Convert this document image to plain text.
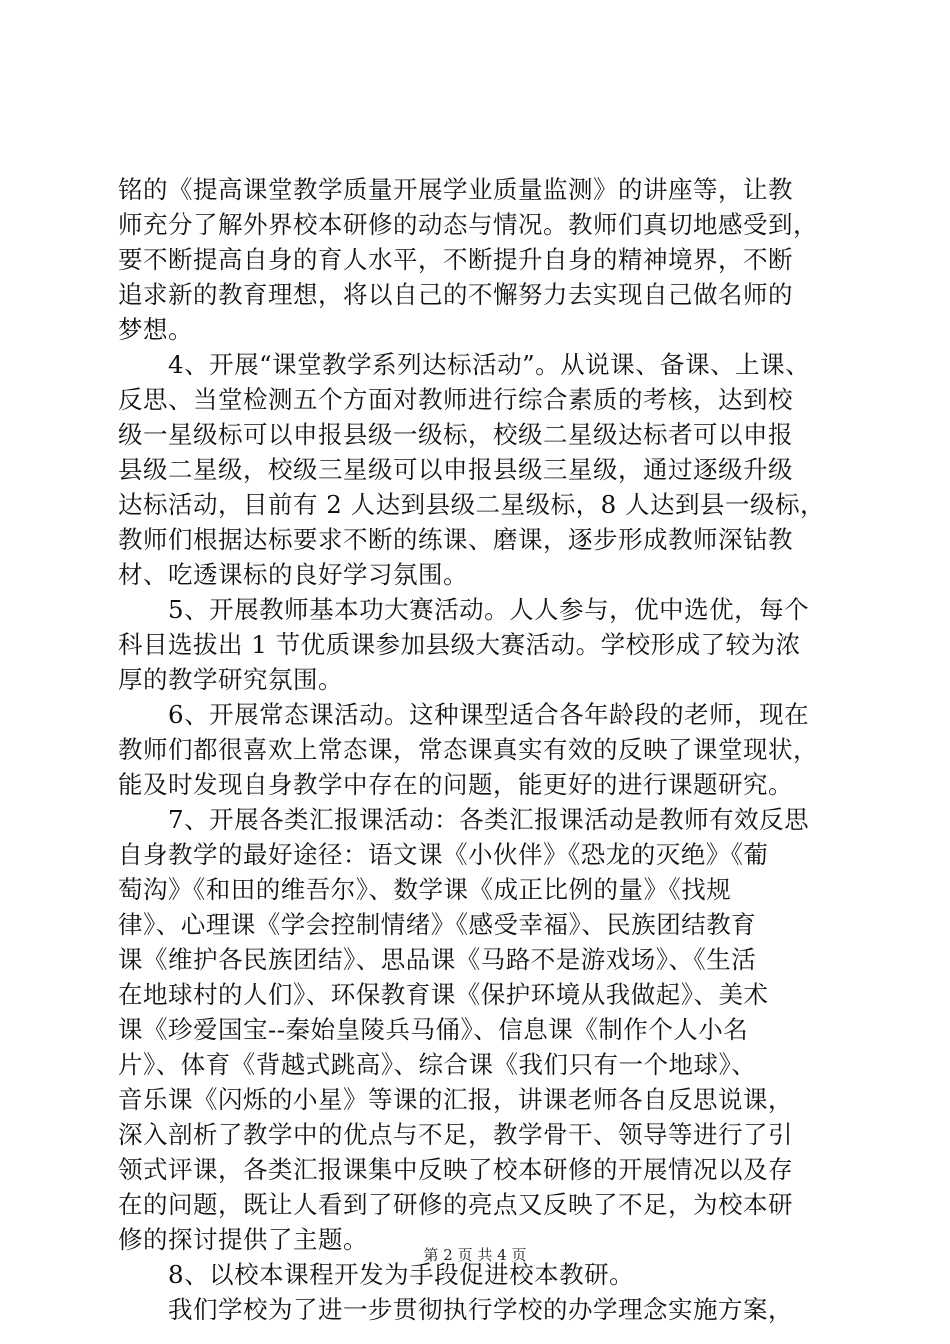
铭的《提高课堂教学质量开展学业质量监测》的讲座等，让教
师充分了解外界校本研修的动态与情况。教师们真切地感受到，
要不断提高自身的育人水平，不断提升自身的精神境界，不断
追求新的教育理想，将以自己的不懈努力去实现自己做名师的
梦想。
　　4、开展“课堂教学系列达标活动”。从说课、备课、上课、
反思、当堂检测五个方面对教师进行综合素质的考核，达到校
级一星级标可以申报县级一级标，校级二星级达标者可以申报
县级二星级，校级三星级可以申报县级三星级，通过逐级升级
达标活动，目前有 2 人达到县级二星级标，8 人达到县一级标，
教师们根据达标要求不断的练课、磨课，逐步形成教师深钻教
材、吃透课标的良好学习氛围。
　　5、开展教师基本功大赛活动。人人参与，优中选优，每个
科目选拔出 1 节优质课参加县级大赛活动。学校形成了较为浓
厚的教学研究氛围。
　　6、开展常态课活动。这种课型适合各年龄段的老师，现在
教师们都很喜欢上常态课，常态课真实有效的反映了课堂现状，
能及时发现自身教学中存在的问题，能更好的进行课题研究。
　　7、开展各类汇报课活动：各类汇报课活动是教师有效反思
自身教学的最好途径：语文课《小伙伴》《恐龙的灭绝》《葡
萄沟》《和田的维吾尔》、数学课《成正比例的量》《找规
律》、心理课《学会控制情绪》《感受幸福》、民族团结教育
课《维护各民族团结》、思品课《马路不是游戏场》、《生活
在地球村的人们》、环保教育课《保护环境从我做起》、美术
课《珍爱国宝--秦始皇陵兵马俑》、信息课《制作个人小名
片》、体育《背越式跳高》、综合课《我们只有一个地球》、
音乐课《闪烁的小星》等课的汇报，讲课老师各自反思说课，
深入剖析了教学中的优点与不足，教学骨干、领导等进行了引
领式评课，各类汇报课集中反映了校本研修的开展情况以及存
在的问题，既让人看到了研修的亮点又反映了不足，为校本研
修的探讨提供了主题。
　　8、以校本课程开发为手段促进校本教研。
　　我们学校为了进一步贯彻执行学校的办学理念实施方案，
第 2 页 共 4 页
